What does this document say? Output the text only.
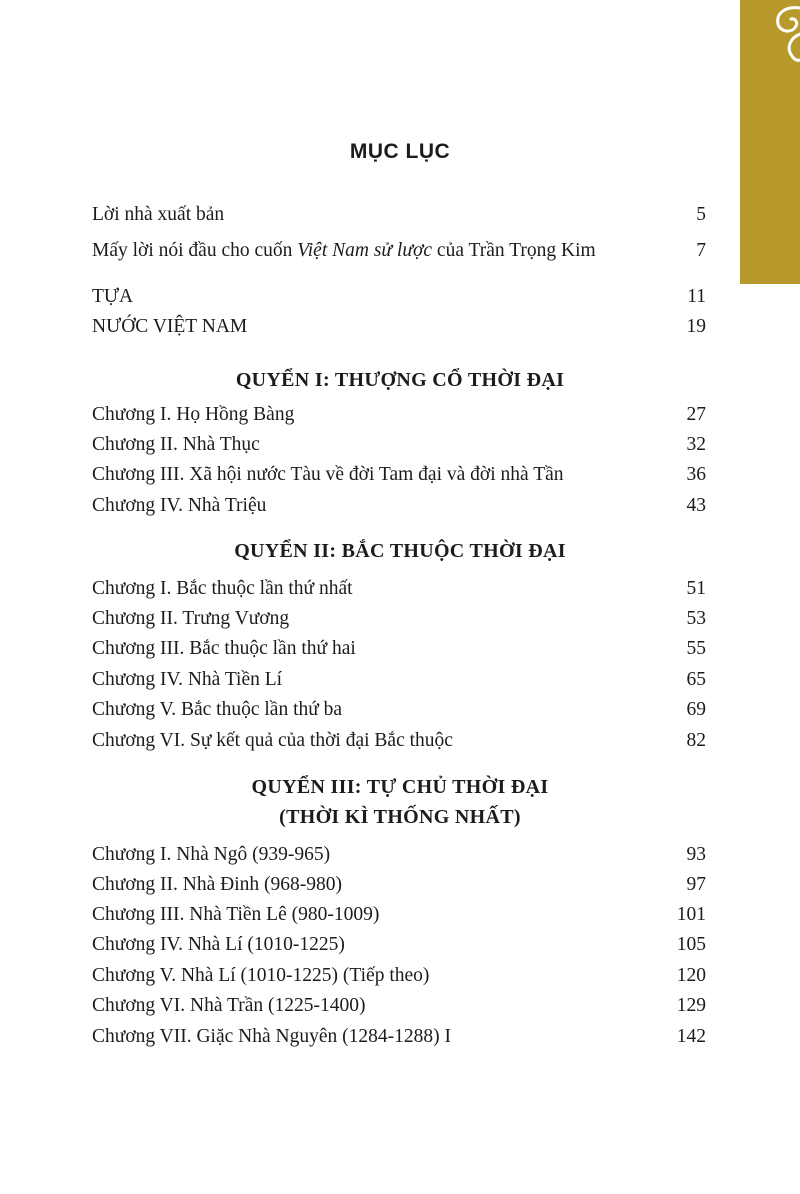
MỤC LỤC
Lời nhà xuất bản	5
Mấy lời nói đầu cho cuốn Việt Nam sử lược của Trần Trọng Kim	7
TỰA	11
NƯỚC VIỆT NAM	19
QUYỂN I: THƯỢNG CỔ THỜI ĐẠI
Chương I. Họ Hồng Bàng	27
Chương II. Nhà Thục	32
Chương III. Xã hội nước Tàu về đời Tam đại và đời nhà Tần	36
Chương IV. Nhà Triệu	43
QUYỂN II: BẮC THUỘC THỜI ĐẠI
Chương I. Bắc thuộc lần thứ nhất	51
Chương II. Trưng Vương	53
Chương III. Bắc thuộc lần thứ hai	55
Chương IV. Nhà Tiền Lí	65
Chương V. Bắc thuộc lần thứ ba	69
Chương VI. Sự kết quả của thời đại Bắc thuộc	82
QUYỂN III: TỰ CHỦ THỜI ĐẠI
(THỜI KÌ THỐNG NHẤT)
Chương I. Nhà Ngô (939-965)	93
Chương II. Nhà Đinh (968-980)	97
Chương III. Nhà Tiền Lê (980-1009)	101
Chương IV. Nhà Lí (1010-1225)	105
Chương V. Nhà Lí (1010-1225) (Tiếp theo)	120
Chương VI. Nhà Trần (1225-1400)	129
Chương VII. Giặc Nhà Nguyên (1284-1288) I	142
